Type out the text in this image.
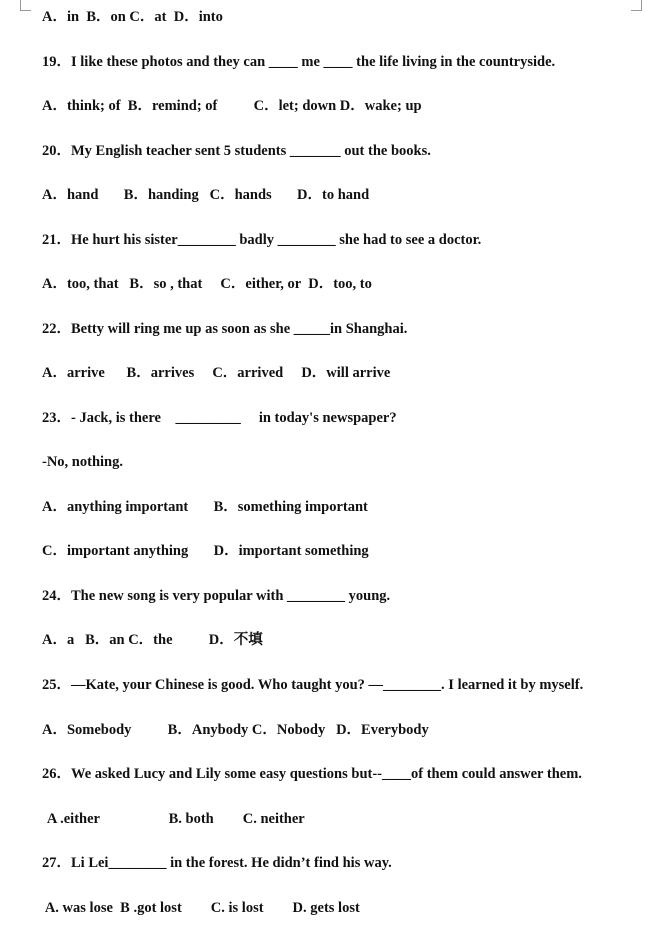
A．in  B．on C．at  D．into
19．I like these photos and they can ____ me ____ the life living in the countryside.
A．think; of  B．remind; of          C．let; down D．wake; up
20．My English teacher sent 5 students _______ out the books.
A．hand       B．handing   C．hands       D．to hand
21．He hurt his sister________ badly ________ she had to see a doctor.
A．too, that   B．so , that     C．either, or  D．too, to
22．Betty will ring me up as soon as she _____in Shanghai.
A．arrive      B．arrives     C．arrived     D．will arrive
23．- Jack, is there    _________     in today's newspaper?
-No, nothing.
A．anything important       B．something important
C．important anything       D．important something
24．The new song is very popular with ________ young.
A．a   B．an C．the          D．不填
25．—Kate, your Chinese is good. Who taught you? —________. I learned it by myself.
A．Somebody          B．Anybody C．Nobody   D．Everybody
26．We asked Lucy and Lily some easy questions but--____of them could answer them.
A .either                   B. both        C. neither
27．Li Lei________ in the forest. He didn’t find his way.
A. was lose  B .got lost        C. is lost        D. gets lost
